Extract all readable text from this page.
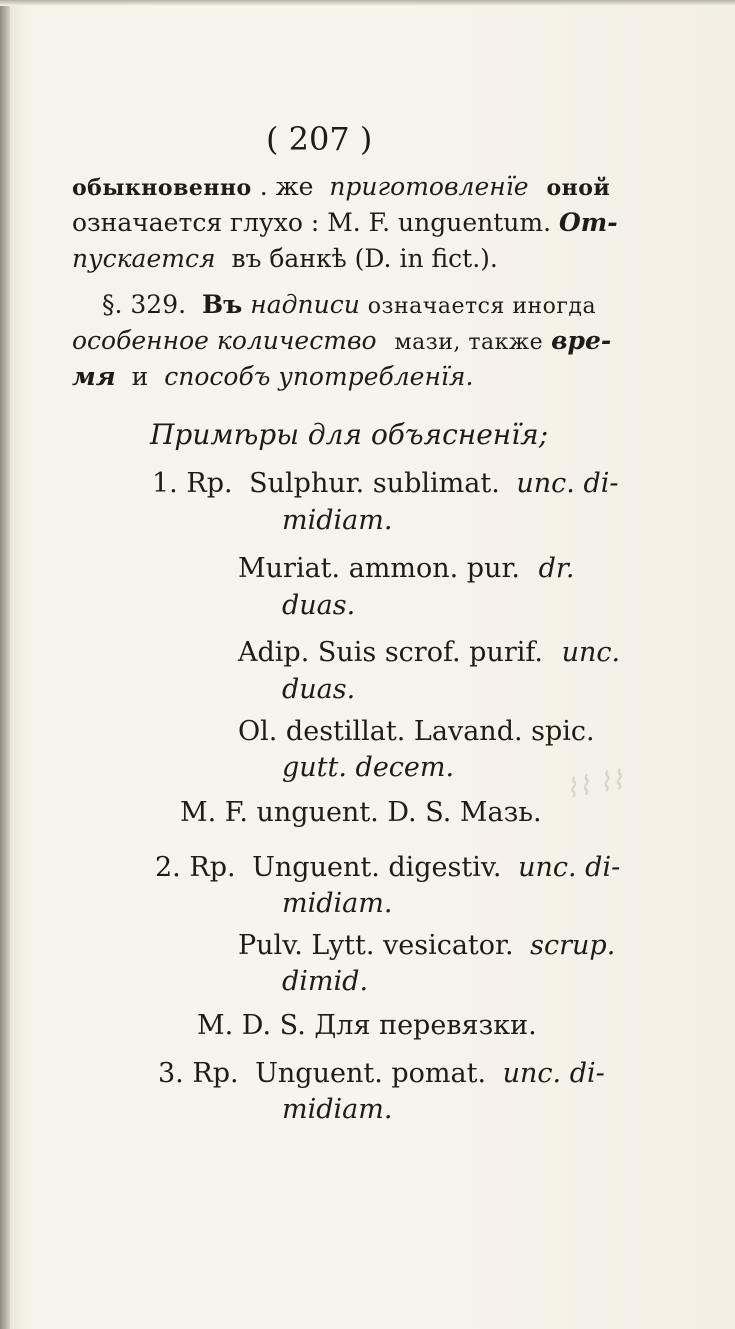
( 207 )
обыкновенно . же приготовленïе оной
означается глухо : М. F. unguentum. От-
пускается въ банкѣ (D. in fict.).
§. 329. Въ надписи означается иногда
особенное количество мази, также вре-
мя и способъ употребленïя.
Примѣры для объясненïя;
1. Rp. Sulphur. sublimat. unc. di-
midiam.
Muriat. ammon. pur. dr.
duas.
Adip. Suis scrof. purif. unc.
duas.
Ol. destillat. Lavand. spic.
gutt. decem.
M. F. unguent. D. S. Мазь.
2. Rp. Unguent. digestiv. unc. di-
midiam.
Pulv. Lytt. vesicator. scrup.
dimid.
M. D. S. Для перевязки.
3. Rp. Unguent. pomat. unc. di-
midiam.
⌇⌇ ⌇⌇
